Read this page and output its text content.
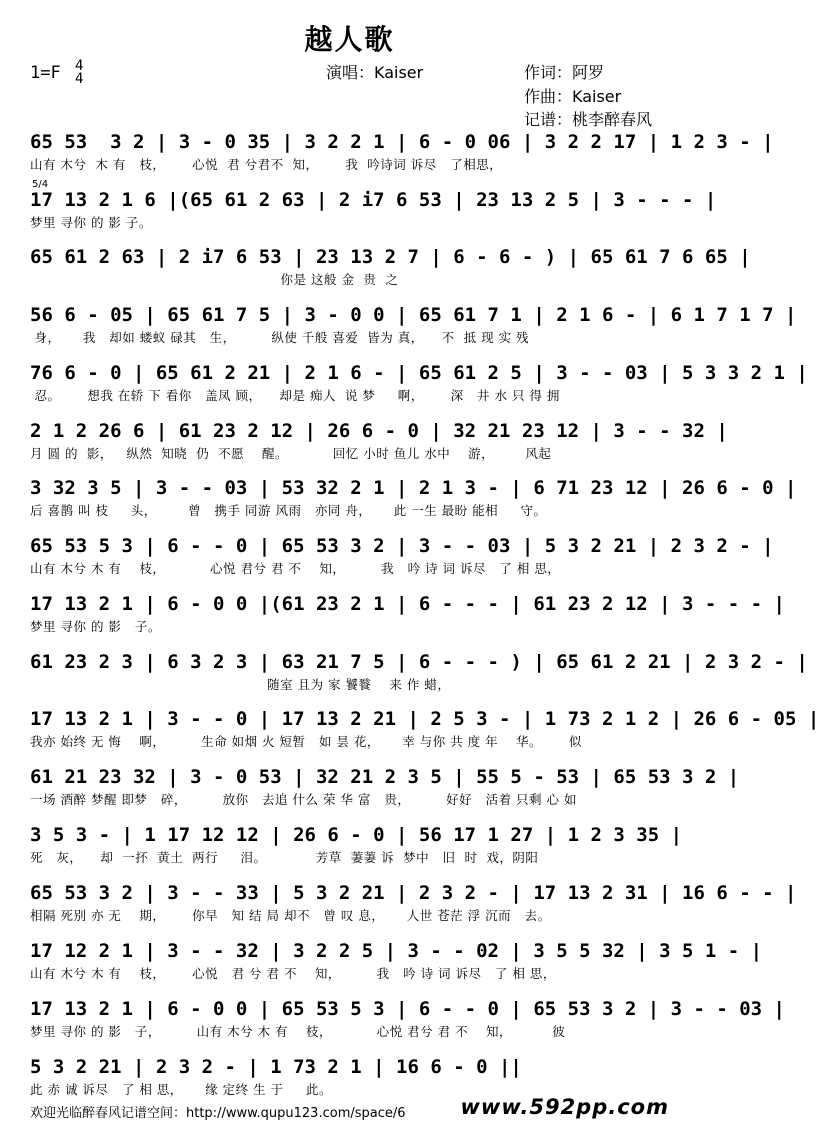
越人歌
1=F 4
4	演唱：Kaiser	作词：阿罗
作曲：Kaiser
记谱：桃李醉春风
5/4
65 53  3 2 | 3 - 0 35 | 3 2 2 1 | 6 - 0 06 | 3 2 2 17 | 1 2 3 - |
山有 木兮  木 有   枝，      心悦  君 兮君不  知，      我  吟诗词 诉尽   了相思，
17 13 2 1 6 |(65 61 2 63 | 2 i7 6 53 | 23 13 2 5 | 3 - - - |
梦里 寻你 的 影 子。
65 61 2 63 | 2 i7 6 53 | 23 13 2 7 | 6 - 6 - ) | 65 61 7 6 65 |
你是 这般 金  贵  之
56 6 - 05 | 65 61 7 5 | 3 - 0 0 | 65 61 7 1 | 2 1 6 - | 6 1 7 1 7 |
身，     我   却如 蝼蚁 碌其   生，        纵使 千般 喜爱  皆为 真，    不  抵 现 实 残
76 6 - 0 | 65 61 2 21 | 2 1 6 - | 65 61 2 5 | 3 - - 03 | 5 3 3 2 1 |
忍。      想我 在轿 下 看你   盖凤 顾，    却是 痴人  说 梦     啊，      深   井 水 只 得 拥
2 1 2 26 6 | 61 23 2 12 | 26 6 - 0 | 32 21 23 12 | 3 - - 32 |
月 圆 的  影，   纵然  知晓  仍  不愿    醒。          回忆 小时 鱼儿 水中    游，       风起
3 32 3 5 | 3 - - 03 | 53 32 2 1 | 2 1 3 - | 6 71 23 12 | 26 6 - 0 |
后 喜鹊 叫 枝     头，       曾   携手 同游 风雨   亦同 舟，     此 一生 最盼 能相     守。
65 53 5 3 | 6 - - 0 | 65 53 3 2 | 3 - - 03 | 5 3 2 21 | 2 3 2 - |
山有 木兮 木 有    枝，          心悦 君兮 君 不    知，        我   吟 诗 词 诉尽   了 相 思，
17 13 2 1 | 6 - 0 0 |(61 23 2 1 | 6 - - - | 61 23 2 12 | 3 - - - |
梦里 寻你 的 影   子。
61 23 2 3 | 6 3 2 3 | 63 21 7 5 | 6 - - - ) | 65 61 2 21 | 2 3 2 - |
随室 且为 家 饕餮    来 作 蜡，
17 13 2 1 | 3 - - 0 | 17 13 2 21 | 2 5 3 - | 1 73 2 1 2 | 26 6 - 05 |
我亦 始终 无 悔    啊，        生命 如烟 火 短暂   如 昙 花，     幸 与你 共 度 年    华。      似
61 21 23 32 | 3 - 0 53 | 32 21 2 3 5 | 55 5 - 53 | 65 53 3 2 |
一场 酒醉 梦醒 即梦   碎，        放你   去追 什么 荣 华 富   贵，        好好   活着 只剩 心 如
3 5 3 - | 1 17 12 12 | 26 6 - 0 | 56 17 1 27 | 1 2 3 35 |
死   灰，    却  一抔  黄土  两行     泪。           芳草  萋萋 诉  梦中   旧  时  戏，阴阳
65 53 3 2 | 3 - - 33 | 5 3 2 21 | 2 3 2 - | 17 13 2 31 | 16 6 - - |
相隔 死别 亦 无    期，      你早   知 结 局 却不   曾 叹 息，     人世 苍茫 浮 沉而   去。
17 12 2 1 | 3 - - 32 | 3 2 2 5 | 3 - - 02 | 3 5 5 32 | 3 5 1 - |
山有 木兮 木 有    枝，      心悦   君 兮 君 不    知，        我   吟 诗 词 诉尽   了 相 思，
17 13 2 1 | 6 - 0 0 | 65 53 5 3 | 6 - - 0 | 65 53 3 2 | 3 - - 03 |
梦里 寻你 的 影   子，        山有 木兮 木 有    枝，          心悦 君兮 君 不    知，         彼
5 3 2 21 | 2 3 2 - | 1 73 2 1 | 16 6 - 0 ||
此 赤 诚 诉尽   了 相 思，     缘 定终 生 于     此。
欢迎光临醉春风记谱空间：http://www.qupu123.com/space/6	www.592pp.com
